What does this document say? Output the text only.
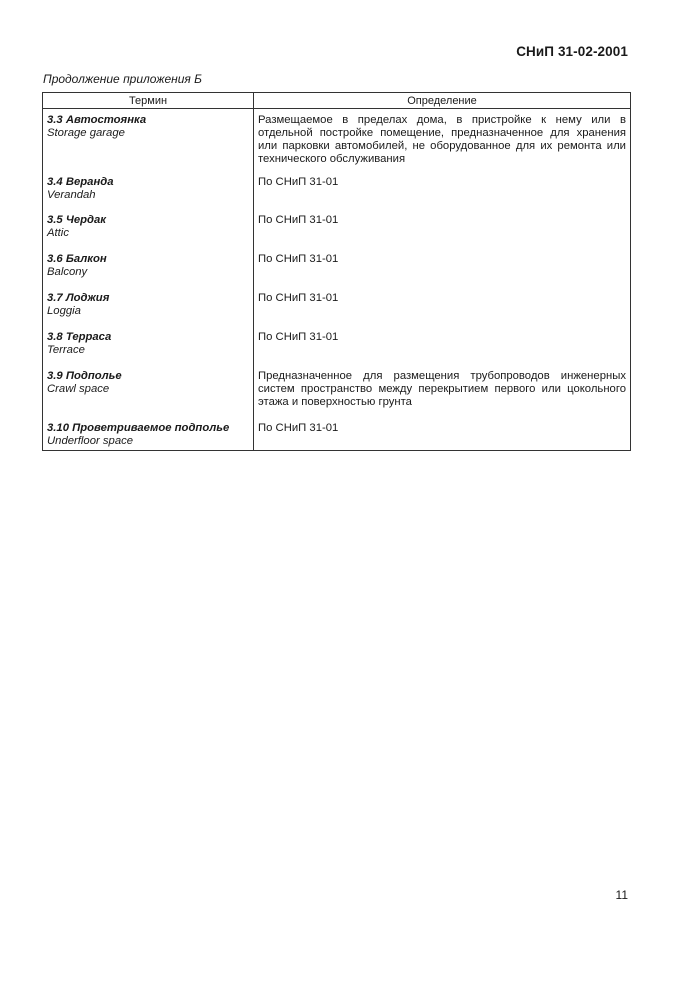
СНиП 31-02-2001
Продолжение приложения Б
Термин	Определение

3.3 Автостоянка
Storage garage	Размещаемое в пределах дома, в пристройке к нему или в отдельной постройке помещение, предназначенное для хранения или парковки автомобилей, не оборудованное для их ремонта или технического обслуживания

3.4 Веранда
Verandah	По СНиП 31-01

3.5 Чердак
Attic	По СНиП 31-01

3.6 Балкон
Balcony	По СНиП 31-01

3.7 Лоджия
Loggia	По СНиП 31-01

3.8 Терраса
Terrace	По СНиП 31-01

3.9 Подполье
Crawl space	Предназначенное для размещения трубопроводов инженерных систем пространство между перекрытием первого или цокольного этажа и поверхностью грунта

3.10 Проветриваемое подполье
Underfloor space	По СНиП 31-01
11
